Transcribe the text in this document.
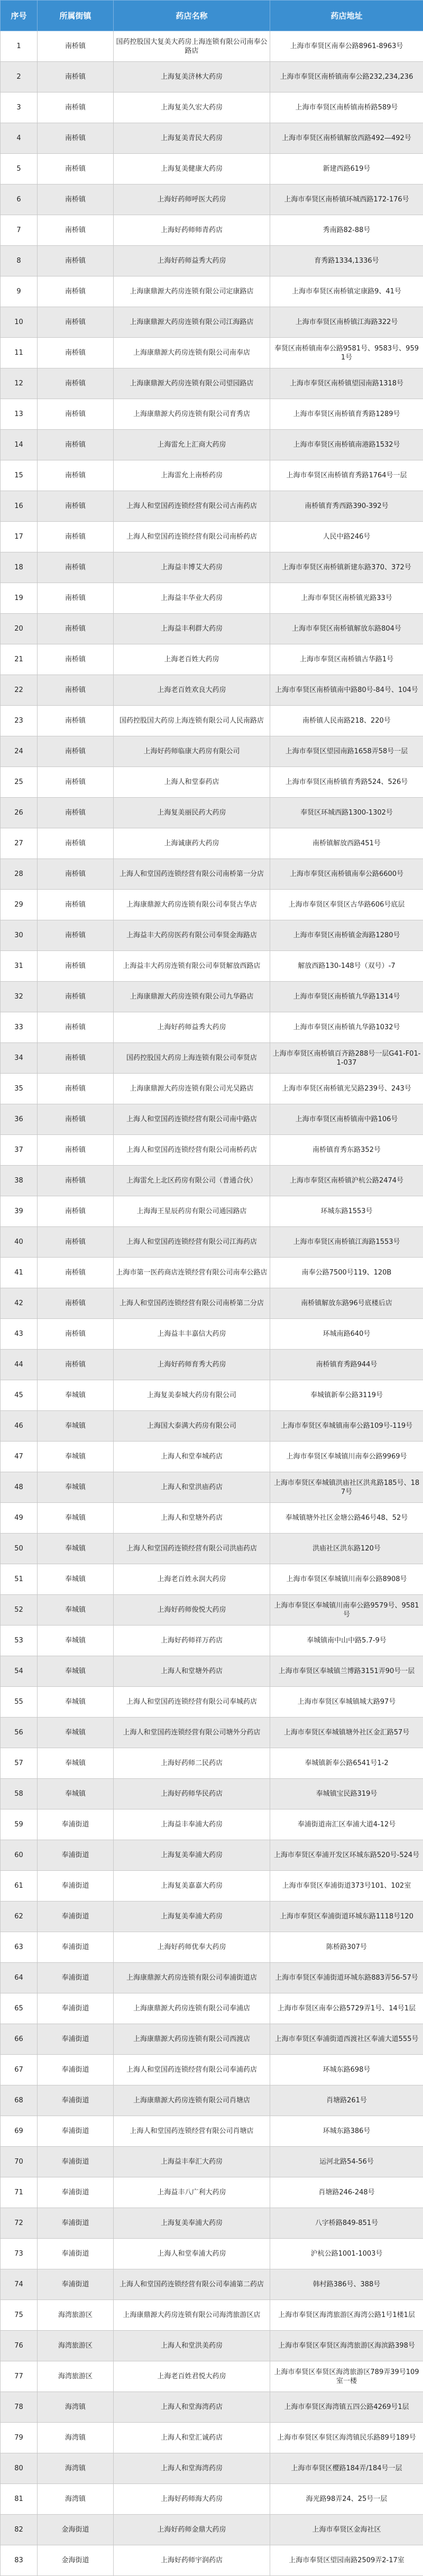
序号	所属街镇	药店名称	药店地址
1	南桥镇	国药控股国大复美大药房上海连锁有限公司南奉公路店	上海市奉贤区南奉公路8961-8963号
2	南桥镇	上海复美济林大药房	上海市奉贤区南桥镇南奉公路232,234,236
3	南桥镇	上海复美久宏大药房	上海市奉贤区南桥镇南桥路589号
4	南桥镇	上海复美青民大药房	上海市奉贤区南桥镇解放西路492—492号
5	南桥镇	上海复美健康大药房	新建西路619号
6	南桥镇	上海好药师呼医大药房	上海市奉贤区南桥镇环城西路172-176号
7	南桥镇	上海好药师师青药店	秀南路82-88号
8	南桥镇	上海好药师益秀大药房	育秀路1334,1336号
9	南桥镇	上海康鼎源大药房连锁有限公司定康路店	上海市奉贤区南桥镇定康路9、41号
10	南桥镇	上海康鼎源大药房连锁有限公司江海路店	上海市奉贤区南桥镇江海路322号
11	南桥镇	上海康鼎源大药房连锁有限公司南奉店	奉贤区南桥镇南奉公路9581号、9583号、9591号
12	南桥镇	上海康鼎源大药房连锁有限公司望园路店	上海市奉贤区南桥镇望园南路1318号
13	南桥镇	上海康鼎源大药房连锁有限公司育秀店	上海市奉贤区南桥镇育秀路1289号
14	南桥镇	上海雷允上汇商大药房	上海市奉贤区南桥镇南港路1532号
15	南桥镇	上海雷允上南桥药房	上海市奉贤区南桥镇育秀路1764号一层
16	南桥镇	上海人和堂国药连锁经营有限公司古南药店	南桥镇育秀西路390-392号
17	南桥镇	上海人和堂国药连锁经营有限公司南桥药店	人民中路246号
18	南桥镇	上海益丰博艾大药房	上海市奉贤区南桥镇新建东路370、372号
19	南桥镇	上海益丰华业大药房	上海市奉贤区南桥镇光路33号
20	南桥镇	上海益丰利群大药房	上海市奉贤区南桥镇解放东路804号
21	南桥镇	上海老百姓大药房	上海市奉贤区南桥镇古华路1号
22	南桥镇	上海老百姓欢良大药房	上海市奉贤区南桥镇南中路80号-84号、104号
23	南桥镇	国药控股国大药房上海连锁有限公司人民南路店	南桥镇人民南路218、220号
24	南桥镇	上海好药师临康大药房有限公司	上海市奉贤区望园南路1658弄58号一层
25	南桥镇	上海人和堂泰药店	上海市奉贤区南桥镇育秀路524、526号
26	南桥镇	上海复美丽民药大药房	奉贤区环城西路1300-1302号
27	南桥镇	上海诚康药大药房	南桥镇解放西路451号
28	南桥镇	上海人和堂国药连锁经营有限公司南桥第一分店	上海市奉贤区南桥镇南奉公路6600号
29	南桥镇	上海康鼎源大药房连锁有限公司奉贤古华店	上海市奉贤区奉贤区古华路606号底层
30	南桥镇	上海益丰大药房医药有限公司奉贤金海路店	上海市奉贤区南桥镇金海路1280号
31	南桥镇	上海益丰大药房连锁有限公司奉贤解放西路店	解放西路130-148号（双号）-7
32	南桥镇	上海康鼎源大药房连锁有限公司九华路店	上海市奉贤区南桥镇九华路1314号
33	南桥镇	上海好药师益秀大药房	上海市奉贤区南桥镇九华路1032号
34	南桥镇	国药控股国大药房上海连锁有限公司奉贤店	上海市奉贤区南桥镇百齐路288号一层G41-F01-1-037
35	南桥镇	上海康鼎源大药房连锁有限公司光吴路店	上海市奉贤区南桥镇光吴路239号、243号
36	南桥镇	上海人和堂国药连锁经营有限公司南中路店	上海市奉贤区南桥镇南中路106号
37	南桥镇	上海人和堂国药连锁经营有限公司南桥药店	南桥镇育秀东路352号
38	南桥镇	上海雷允上北区药房有限公司（普通合伙）	上海市奉贤区南桥镇沪杭公路2474号
39	南桥镇	上海海王星辰药房有限公司通园路店	环城东路1553号
40	南桥镇	上海人和堂国药连锁经营有限公司江海药店	上海市奉贤区南桥镇江海路1553号
41	南桥镇	上海市第一医药商店连锁经营有限公司南奉公路店	南奉公路7500号119、120B
42	南桥镇	上海人和堂国药连锁经营有限公司南桥第二分店	南桥镇解放东路96号底楼后店
43	南桥镇	上海益丰丰嘉信大药房	环城南路640号
44	南桥镇	上海好药师育秀大药房	南桥镇育秀路944号
45	奉城镇	上海复美泰城大药房有限公司	奉城镇新奉公路3119号
46	奉城镇	上海国大泰满大药房有限公司	上海市奉贤区奉城镇南奉公路109号-119号
47	奉城镇	上海人和堂奉城药店	上海市奉贤区奉城镇川南奉公路9969号
48	奉城镇	上海人和堂洪庙药店	上海市奉贤区奉城镇洪庙社区洪兆路185号、187号
49	奉城镇	上海人和堂塘外药店	奉城镇塘外社区金塘公路46号48、52号
50	奉城镇	上海人和堂国药连锁经营有限公司洪庙药店	洪庙社区洪东路120号
51	奉城镇	上海老百姓永润大药房	上海市奉贤区奉城镇川南奉公路8908号
52	奉城镇	上海好药师俊悦大药房	上海市奉贤区奉城镇川南奉公路9579号、9581号
53	奉城镇	上海好药师祥万药店	奉城镇南中山中路5.7-9号
54	奉城镇	上海人和堂塘外药店	上海市奉贤区奉城镇兰博路3151弄90号一层
55	奉城镇	上海人和堂国药连锁经营有限公司奉城药店	上海市奉贤区奉城镇城大路97号
56	奉城镇	上海人和堂国药连锁经营有限公司塘外分药店	上海市奉贤区奉城镇塘外社区金汇路57号
57	奉城镇	上海好药师二民药店	奉城镇新奉公路6541号1-2
58	奉城镇	上海好药师华民药店	奉城镇宝民路319号
59	奉浦街道	上海益丰奉浦大药房	奉浦街道南汇区奉浦大道4-12号
60	奉浦街道	上海复美奉浦大药房	上海市奉贤区奉浦开发区环城东路520号-524号
61	奉浦街道	上海复美嘉嘉大药房	上海市奉贤区奉浦街道373号101、102室
62	奉浦街道	上海复美奉浦大药房	上海市奉贤区奉浦街道环城东路1118号120
63	奉浦街道	上海好药师优奉大药房	陈桥路307号
64	奉浦街道	上海康鼎源大药房连锁有限公司奉浦街道店	上海市奉贤区奉浦街道环城东路883弄56-57号
65	奉浦街道	上海康鼎源大药房连锁有限公司奉浦店	上海市奉贤区南奉公路5729弄1号、14号1层
66	奉浦街道	上海康鼎源大药房连锁有限公司西渡店	上海市奉贤区奉浦街道西渡社区奉浦大道555号
67	奉浦街道	上海人和堂国药连锁经营有限公司奉浦药店	环城东路698号
68	奉浦街道	上海康鼎源大药房连锁有限公司肖塘店	肖塘路261号
69	奉浦街道	上海人和堂国药连锁经营有限公司肖塘店	环城东路386号
70	奉浦街道	上海益丰奉汇大药房	运河北路54-56号
71	奉浦街道	上海益丰八广利大药房	肖塘路246-248号
72	奉浦街道	上海复美奉浦大药房	八字桥路849-851号
73	奉浦街道	上海人和堂奉浦大药房	沪杭公路1001-1003号
74	奉浦街道	上海人和堂国药连锁经营有限公司奉浦第二药店	韩村路386号、388号
75	海湾旅游区	上海康鼎源大药房连锁有限公司海湾旅游区店	上海市奉贤区海湾旅游区海湾公路1号1楼1层
76	海湾旅游区	上海人和堂洪美药房	上海市奉贤区奉贤区海湾旅游区海滨路398号
77	海湾旅游区	上海老百姓君悦大药房	上海市奉贤区奉贤区海湾旅游区789弄39号109室一楼
78	海湾镇	上海人和堂海湾药店	上海市奉贤区海湾镇五四公路4269号1层
79	海湾镇	上海人和堂汇诚药店	上海市奉贤区奉贤区海湾镇民乐路89号189号
80	海湾镇	上海人和堂海湾药房	上海市奉贤区樱路184弄/184号一层
81	海湾镇	上海好药师海大药房	海光路98弄24、25号一层
82	金海街道	上海好药师金鼎大药房	上海市奉贤区金海社区
83	金海街道	上海好药师宇润药店	上海市奉贤区望园南路2509弄2-17室
